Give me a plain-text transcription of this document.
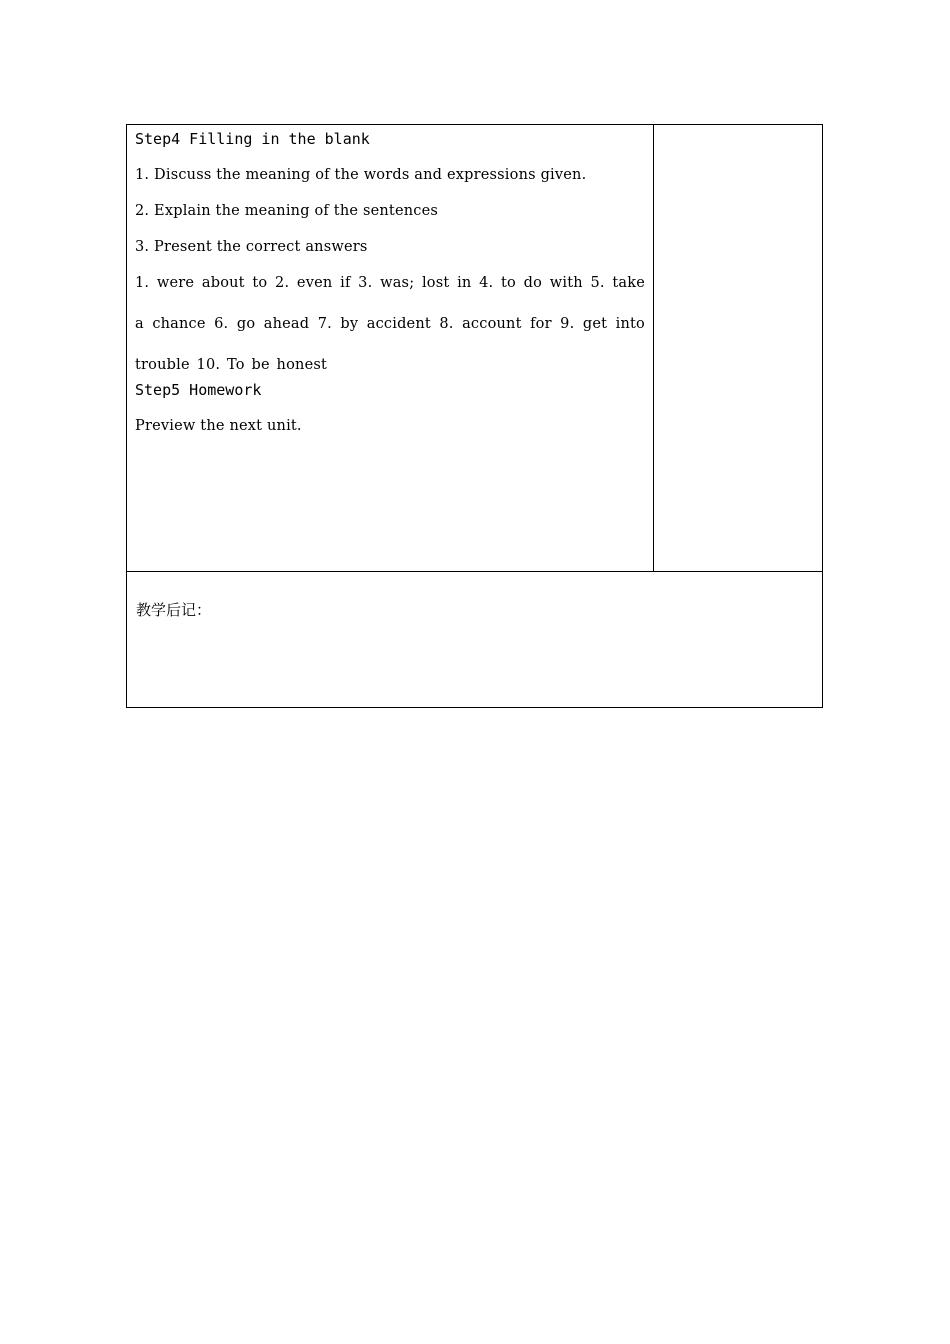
Step4 Filling in the blank
1. Discuss the meaning of the words and expressions given.
2. Explain the meaning of the sentences
3. Present the correct answers
1. were about to 2. even if 3. was; lost in 4. to do with 5. take a chance 6. go ahead 7. by accident 8. account for 9. get into trouble 10. To be honest
Step5 Homework
Preview the next unit.

教学后记：
